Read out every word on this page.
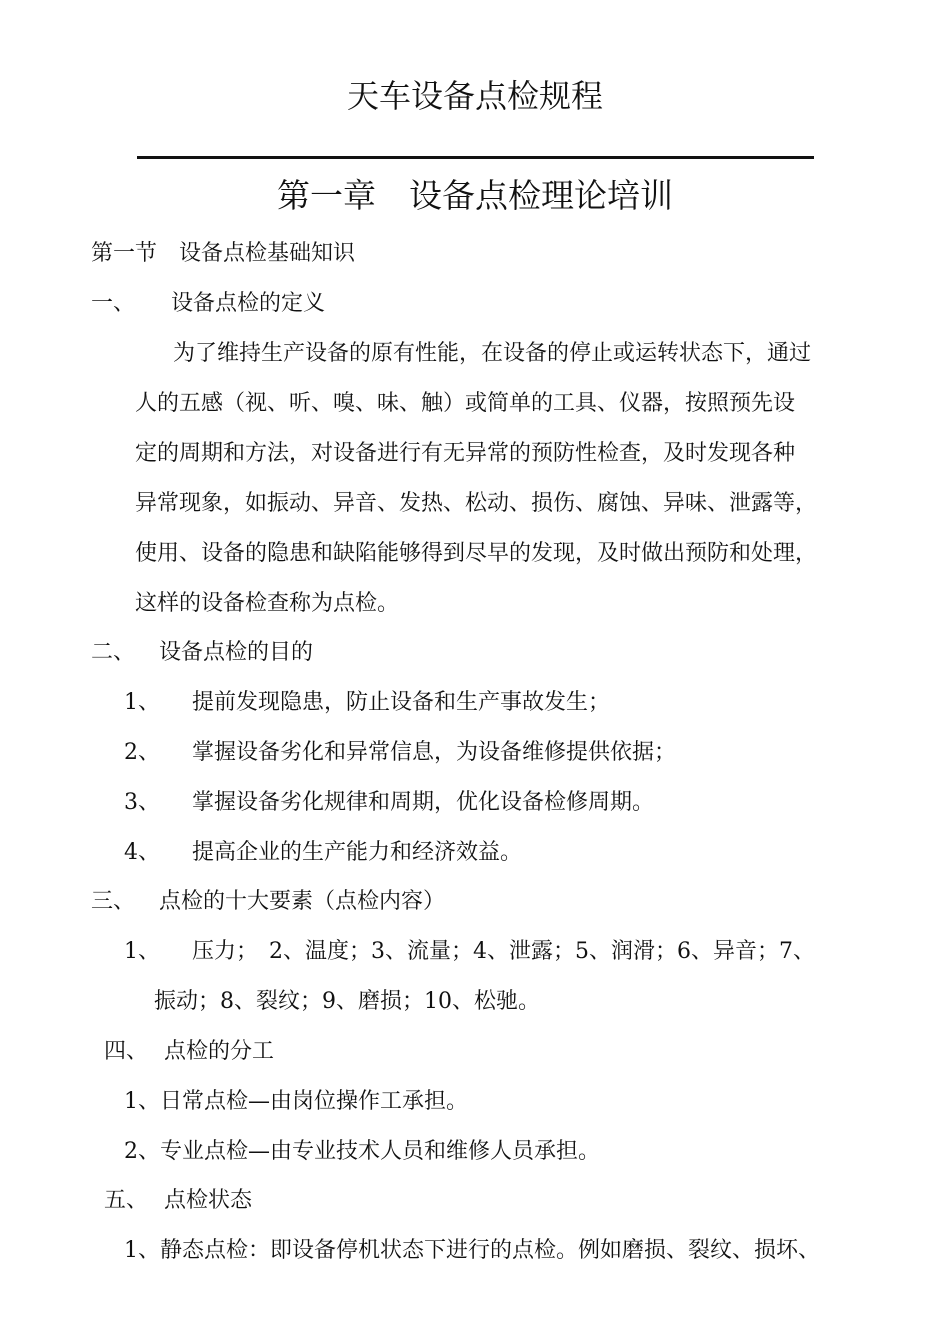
天车设备点检规程
第一章　设备点检理论培训
第一节　设备点检基础知识
一、 设备点检的定义
为了维持生产设备的原有性能，在设备的停止或运转状态下，通过
人的五感（视、听、嗅、味、触）或简单的工具、仪器，按照预先设
定的周期和方法，对设备进行有无异常的预防性检查，及时发现各种
异常现象，如振动、异音、发热、松动、损伤、腐蚀、异味、泄露等，
使用、设备的隐患和缺陷能够得到尽早的发现，及时做出预防和处理，
这样的设备检查称为点检。
二、 设备点检的目的
1、 提前发现隐患，防止设备和生产事故发生；
2、 掌握设备劣化和异常信息，为设备维修提供依据；
3、 掌握设备劣化规律和周期，优化设备检修周期。
4、 提高企业的生产能力和经济效益。
三、 点检的十大要素（点检内容）
1、 压力；　2、温度；3、流量；4、泄露；5、润滑；6、异音；7、
振动；8、裂纹；9、磨损；10、松驰。
四、 点检的分工
1、日常点检—由岗位操作工承担。
2、专业点检—由专业技术人员和维修人员承担。
五、 点检状态
1、静态点检：即设备停机状态下进行的点检。例如磨损、裂纹、损坏、
